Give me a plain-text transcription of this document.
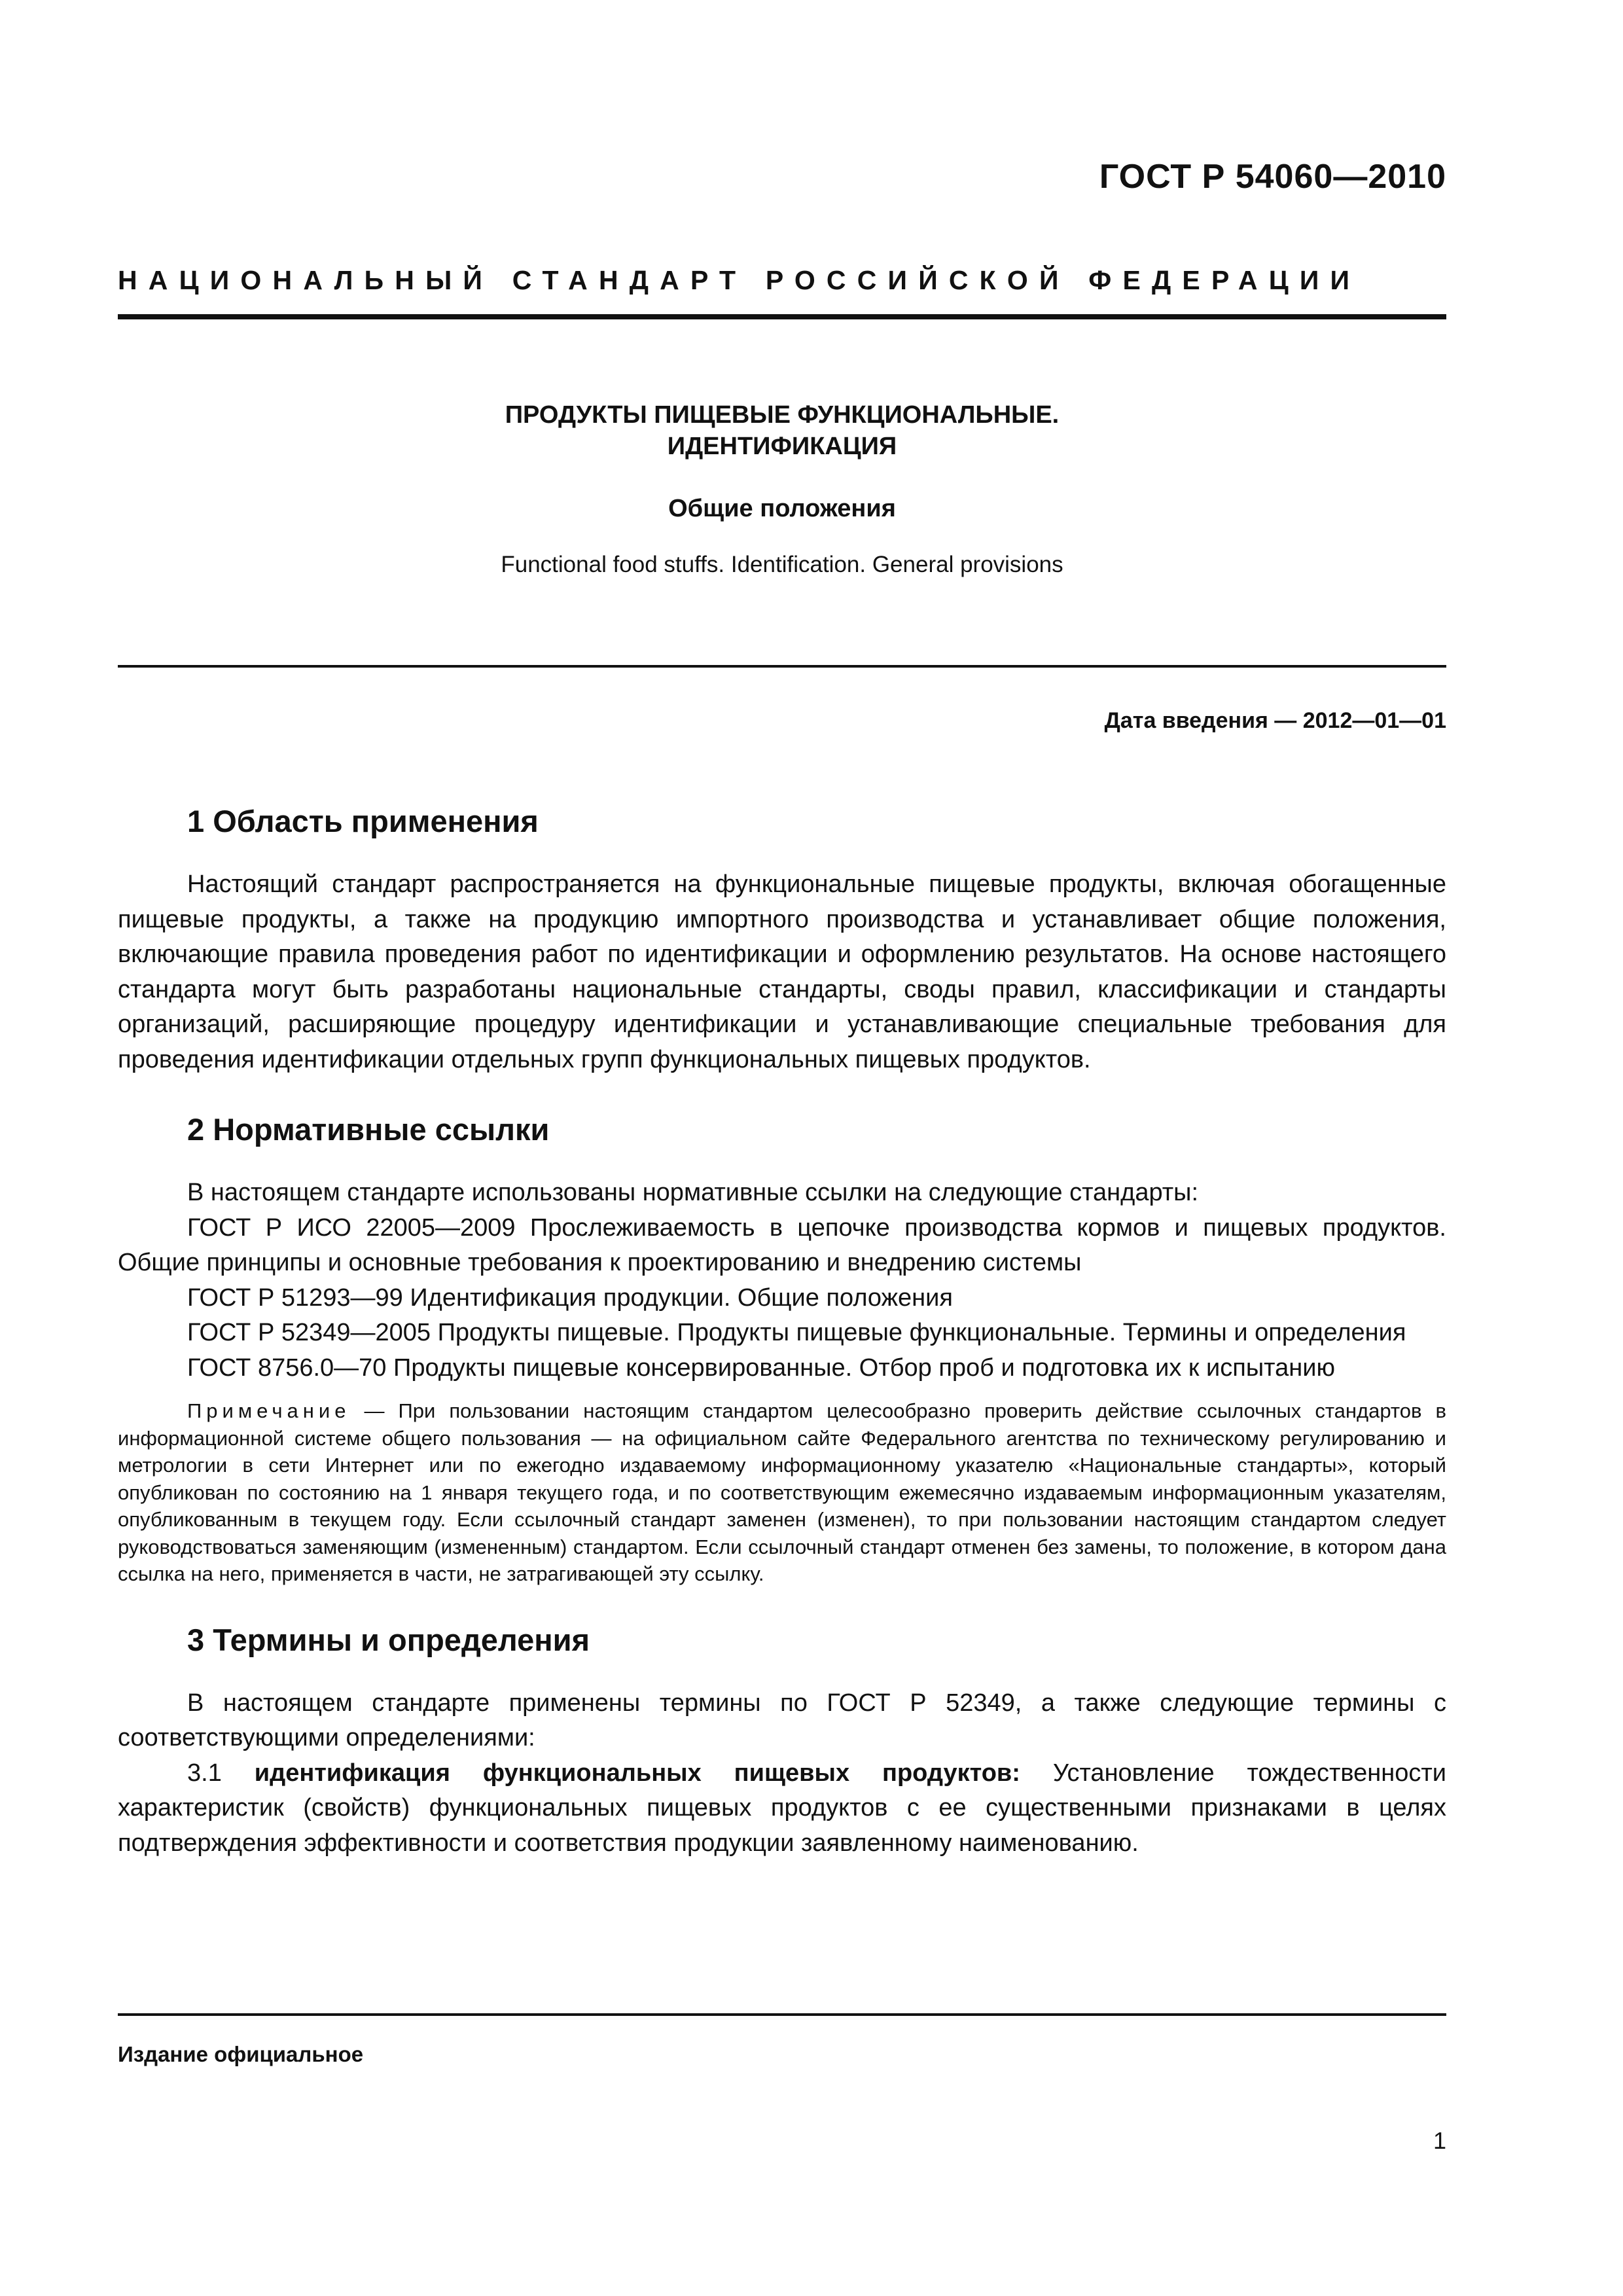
ГОСТ Р 54060—2010
НАЦИОНАЛЬНЫЙ СТАНДАРТ РОССИЙСКОЙ ФЕДЕРАЦИИ
ПРОДУКТЫ ПИЩЕВЫЕ ФУНКЦИОНАЛЬНЫЕ.
ИДЕНТИФИКАЦИЯ
Общие положения
Functional food stuffs. Identification. General provisions
Дата введения — 2012—01—01
1 Область применения

Настоящий стандарт распространяется на функциональные пищевые продукты, включая обогащенные пищевые продукты, а также на продукцию импортного производства и устанавливает общие положения, включающие правила проведения работ по идентификации и оформлению результатов. На основе настоящего стандарта могут быть разработаны национальные стандарты, своды правил, классификации и стандарты организаций, расширяющие процедуру идентификации и устанавливающие специальные требования для проведения идентификации отдельных групп функциональных пищевых продуктов.

2 Нормативные ссылки

В настоящем стандарте использованы нормативные ссылки на следующие стандарты:

ГОСТ Р ИСО 22005—2009 Прослеживаемость в цепочке производства кормов и пищевых продуктов. Общие принципы и основные требования к проектированию и внедрению системы

ГОСТ Р 51293—99 Идентификация продукции. Общие положения

ГОСТ Р 52349—2005 Продукты пищевые. Продукты пищевые функциональные. Термины и определения

ГОСТ 8756.0—70 Продукты пищевые консервированные. Отбор проб и подготовка их к испытанию

Примечание — При пользовании настоящим стандартом целесообразно проверить действие ссылочных стандартов в информационной системе общего пользования — на официальном сайте Федерального агентства по техническому регулированию и метрологии в сети Интернет или по ежегодно издаваемому информационному указателю «Национальные стандарты», который опубликован по состоянию на 1 января текущего года, и по соответствующим ежемесячно издаваемым информационным указателям, опубликованным в текущем году. Если ссылочный стандарт заменен (изменен), то при пользовании настоящим стандартом следует руководствоваться заменяющим (измененным) стандартом. Если ссылочный стандарт отменен без замены, то положение, в котором дана ссылка на него, применяется в части, не затрагивающей эту ссылку.

3 Термины и определения

В настоящем стандарте применены термины по ГОСТ Р 52349, а также следующие термины с соответствующими определениями:

3.1 идентификация функциональных пищевых продуктов: Установление тождественности характеристик (свойств) функциональных пищевых продуктов с ее существенными признаками в целях подтверждения эффективности и соответствия продукции заявленному наименованию.

Издание официальное
1
